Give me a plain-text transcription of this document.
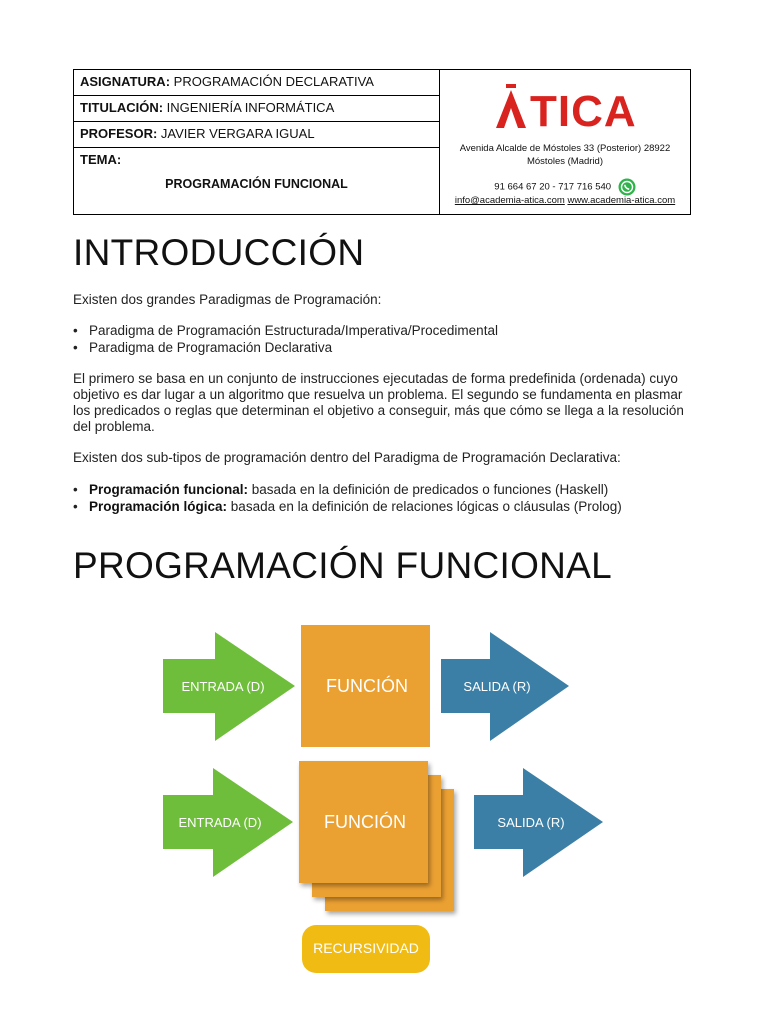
ASIGNATURA: PROGRAMACIÓN DECLARATIVA
TITULACIÓN: INGENIERÍA INFORMÁTICA
PROFESOR: JAVIER VERGARA IGUAL
TEMA:
PROGRAMACIÓN FUNCIONAL
TICA
Avenida Alcalde de Móstoles 33 (Posterior) 28922
Móstoles (Madrid)
91 664 67 20 - 717 716 540
info@academia-atica.com www.academia-atica.com
INTRODUCCIÓN
Existen dos grandes Paradigmas de Programación:
• Paradigma de Programación Estructurada/Imperativa/Procedimental
• Paradigma de Programación Declarativa
El primero se basa en un conjunto de instrucciones ejecutadas de forma predefinida (ordenada) cuyo objetivo es dar lugar a un algoritmo que resuelva un problema. El segundo se fundamenta en plasmar los predicados o reglas que determinan el objetivo a conseguir, más que cómo se llega a la resolución del problema.
Existen dos sub-tipos de programación dentro del Paradigma de Programación Declarativa:
• Programación funcional: basada en la definición de predicados o funciones (Haskell)
• Programación lógica: basada en la definición de relaciones lógicas o cláusulas (Prolog)
PROGRAMACIÓN FUNCIONAL
ENTRADA (D)	FUNCIÓN	SALIDA (R)
ENTRADA (D)	FUNCIÓN	SALIDA (R)
RECURSIVIDAD
